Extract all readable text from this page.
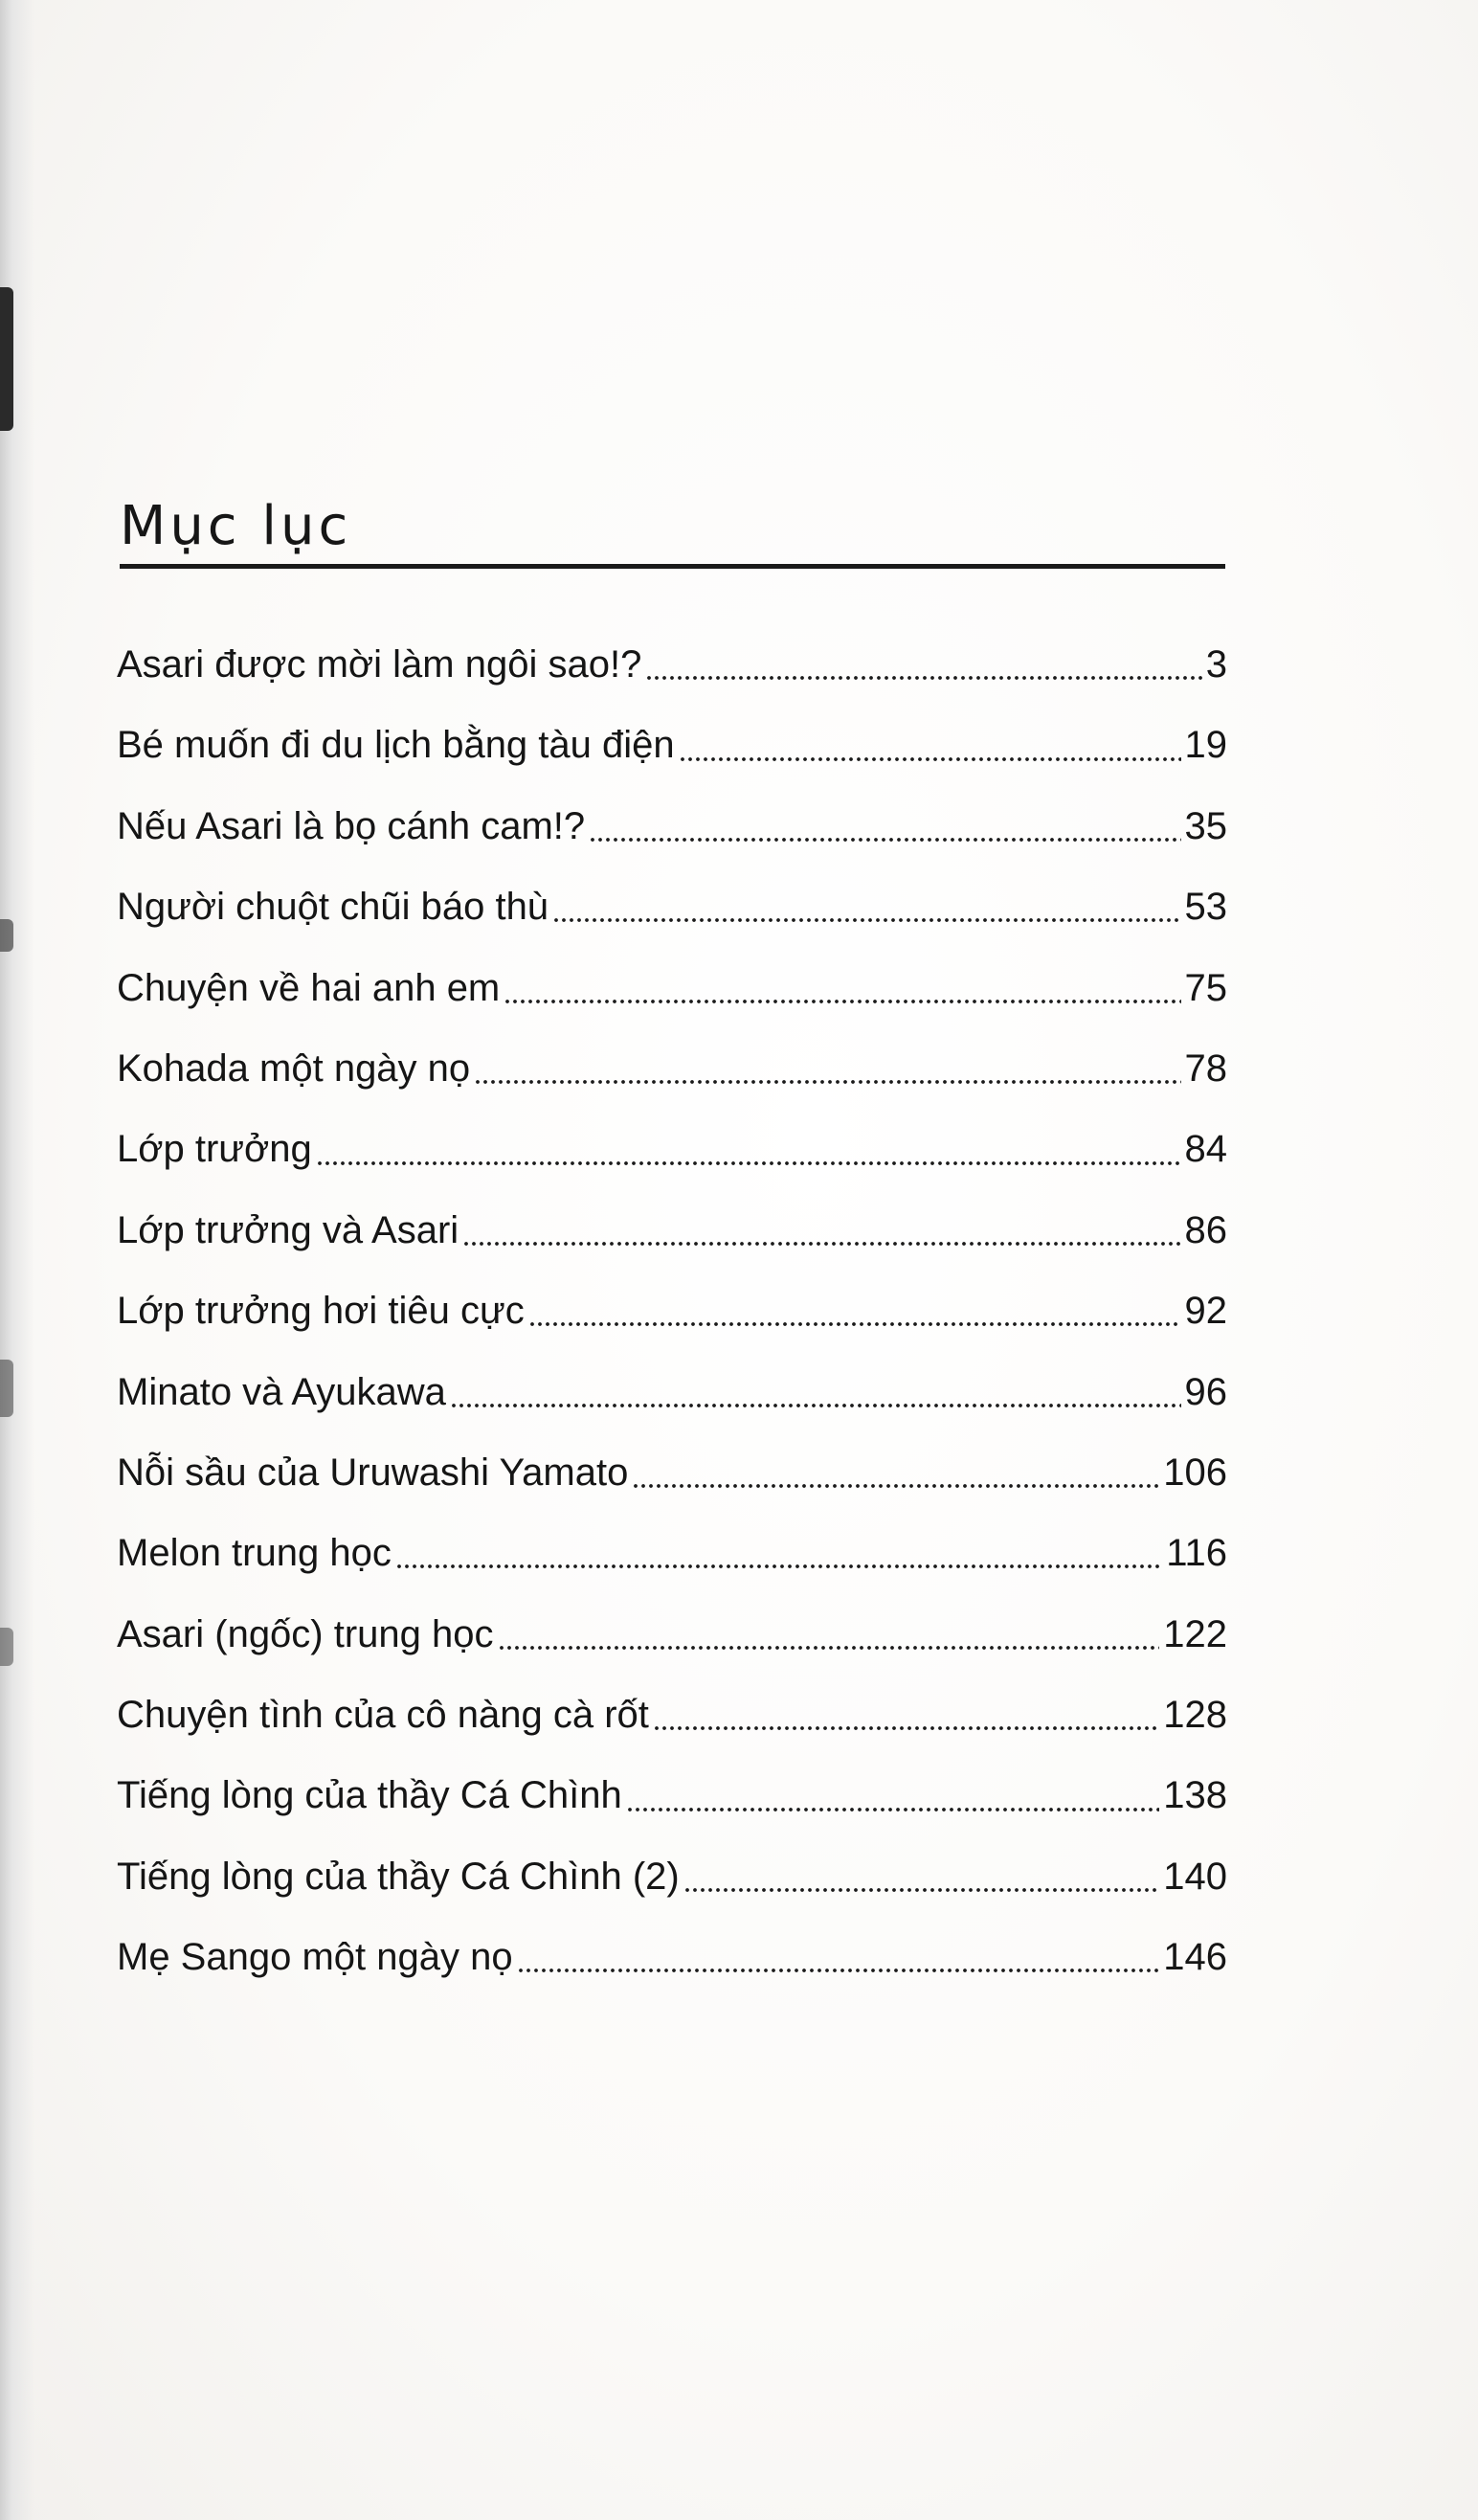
Mục lục
Asari được mời làm ngôi sao!?	3
Bé muốn đi du lịch bằng tàu điện	19
Nếu Asari là bọ cánh cam!?	35
Người chuột chũi báo thù	53
Chuyện về hai anh em	75
Kohada một ngày nọ	78
Lớp trưởng	84
Lớp trưởng và Asari	86
Lớp trưởng hơi tiêu cực	92
Minato và Ayukawa	96
Nỗi sầu của Uruwashi Yamato	106
Melon trung học	116
Asari (ngốc) trung học	122
Chuyện tình của cô nàng cà rốt	128
Tiếng lòng của thầy Cá Chình	138
Tiếng lòng của thầy Cá Chình (2)	140
Mẹ Sango một ngày nọ	146
